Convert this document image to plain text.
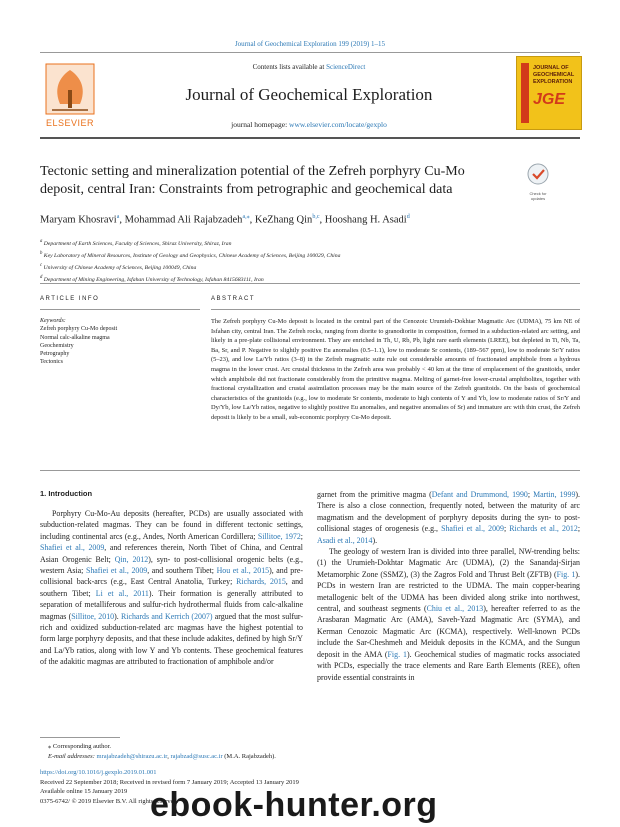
Journal of Geochemical Exploration 199 (2019) 1–15
ELSEVIER
Contents lists available at ScienceDirect
Journal of Geochemical Exploration
journal homepage: www.elsevier.com/locate/gexplo
JOURNAL OF
GEOCHEMICAL
EXPLORATION
JGE
Tectonic setting and mineralization potential of the Zefreh porphyry Cu-Mo deposit, central Iran: Constraints from petrographic and geochemical data	Check for updates
Maryam Khosravi$^a$, Mohammad Ali Rajabzadeh$^{a,⁎}$, KeZhang Qin$^{b,c}$, Hooshang H. Asadi$^d$
$^a$ Department of Earth Sciences, Faculty of Sciences, Shiraz University, Shiraz, Iran
$^b$ Key Laboratory of Mineral Resources, Institute of Geology and Geophysics, Chinese Academy of Sciences, Beijing 100029, China
$^c$ University of Chinese Academy of Sciences, Beijing 100049, China
$^d$ Department of Mining Engineering, Isfahan University of Technology, Isfahan 8415683111, Iran
ARTICLE INFO	ABSTRACT
Keywords:
Zefreh porphyry Cu-Mo deposit
Normal calc-alkaline magma
Geochemistry
Petrography
Tectonics
The Zefreh porphyry Cu-Mo deposit is located in the central part of the Cenozoic Urumieh-Dokhtar Magmatic Arc (UDMA), 75 km NE of Isfahan city, central Iran. The Zefreh rocks, ranging from diorite to granodiorite in composition, formed in a subduction-related arc setting, and likely in a pre-plate collisional environment. They are enriched in Th, U, Rb, Pb, light rare earth elements (LREE), but depleted in Ti, Nb, Ta, Ba, Sr, and P. Negative to slightly positive Eu anomalies (0.5–1.1), low to moderate Sr contents, (189–567 ppm), low to moderate Sr/Y ratios (5–23), and low La/Yb ratios (3–8) in the Zefreh magmatic suite rule out considerable amounts of fractionated amphibole from a hydrous magma in the lower crust. Arc crustal thickness in the Zefreh area was probably < 40 km at the time of emplacement of the granitoids, under which amphibole did not fractionate considerably from the primitive magma. Melting of garnet-free lower-crustal amphibolites, together with fractional crystallization and crustal assimilation processes may be the main source of the Zefreh granitoids. On the basis of geochemical characteristics of the granitoids (e.g., low to moderate Sr contents, moderate to high contents of Y and Yb, low to moderate ratios of Sr/Y and Dy/Yb, low La/Yb ratios, negative to slightly positive Eu anomalies, and negative anomalies of Sr) and immature arc with thin crust, the Zefreh deposit is likely to be a small, sub-economic porphyry Cu-Mo deposit.
1. Introduction

Porphyry Cu-Mo-Au deposits (hereafter, PCDs) are usually associated with subduction-related magmas. They can be found in different tectonic settings, including continental arcs (e.g., Andes, North American Cordillera; Sillitoe, 1972; Shafiei et al., 2009, and references therein, North Tibet of China, and Central Asian Orogenic Belt; Qin, 2012), syn- to post-collisional orogenic belts (e.g., western Asia; Shafiei et al., 2009, and southern Tibet; Hou et al., 2015), and pre-collisional back-arcs (e.g., East Central Anatolia, Turkey; Richards, 2015, and southern Tibet; Li et al., 2011). Their formation is generally attributed to separation of metalliferous and sulfur-rich hydrothermal fluids from calc-alkaline magmas (Sillitoe, 2010). Richards and Kerrich (2007) argued that the most sulfur-rich and oxidized subduction-related arc magmas have the highest potential to form large porphyry deposits, and that these include adakites, defined by high Sr/Y and La/Yb ratios, along with low Y and Yb contents. These geochemical features of the adakitic magmas are attributed to fractionation of amphibole and/or

garnet from the primitive magma (Defant and Drummond, 1990; Martin, 1999). There is also a close connection, frequently noted, between the maturity of arc magmatism and the development of porphyry deposits during the syn- to post-collisional stages of orogenesis (e.g., Shafiei et al., 2009; Richards et al., 2012; Asadi et al., 2014).

The geology of western Iran is divided into three parallel, NW-trending belts: (1) the Urumieh-Dokhtar Magmatic Arc (UDMA), (2) the Sanandaj-Sirjan Metamorphic Zone (SSMZ), (3) the Zagros Fold and Thrust Belt (ZFTB) (Fig. 1). PCDs in western Iran are restricted to the UDMA. The main copper-bearing metallogenic belt of the UDMA has been divided along strike into northwest, central, and southeast segments (Chiu et al., 2013), hereafter referred to as the Arasbaran Magmatic Arc (AMA), Saveh-Yazd Magmatic Arc (SYMA), and Kerman Cenozoic Magmatic Arc (KCMA), respectively. Well-known PCDs include the Sar-Cheshmeh and Meiduk deposits in the KCMA, and the Sungun deposit in the AMA (Fig. 1). Geochemical studies of magmatic rocks associated with PCDs, especially the trace elements and Rare Earth Elements (REE), often provide essential constraints in

⁎ Corresponding author.
E-mail addresses: mrajabzadeh@shirazu.ac.ir, rajabzad@susc.ac.ir (M.A. Rajabzadeh).
https://doi.org/10.1016/j.gexplo.2019.01.001
Received 22 September 2018; Received in revised form 7 January 2019; Accepted 13 January 2019
Available online 15 January 2019
0375-6742/ © 2019 Elsevier B.V. All rights reserved.
ebook-hunter.org
